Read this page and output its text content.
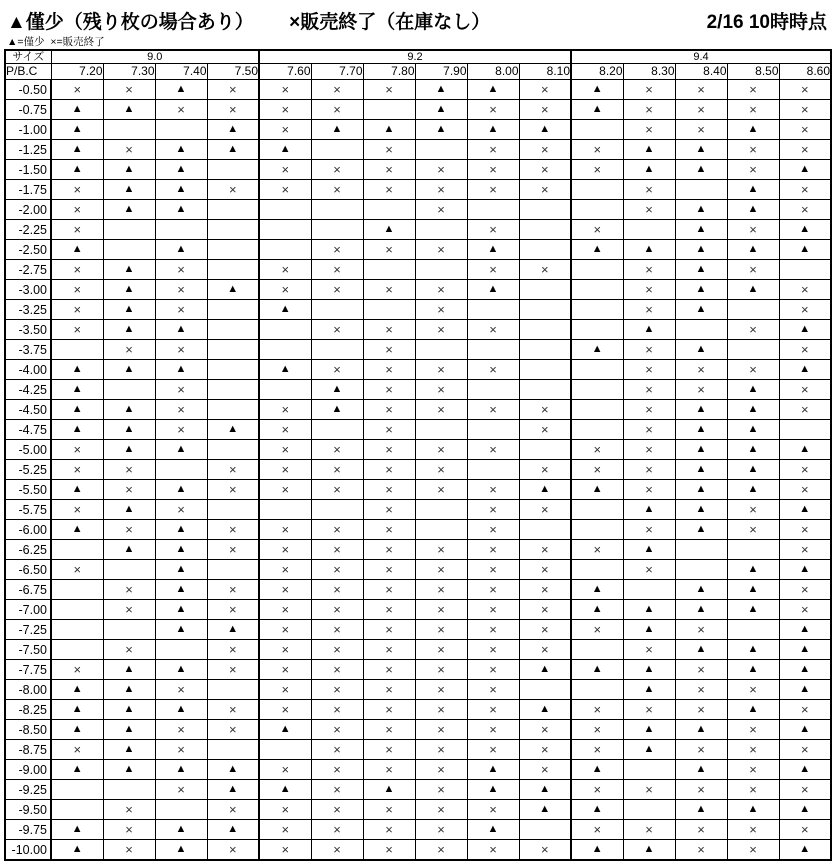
▲僅少（残り枚の場合あり） ×販売終了（在庫なし）	2/16 10時時点
▲=僅少  ×=販売終了
サイズ	9.0				9.2						9.4				
P/B.C	7.20	7.30	7.40	7.50	7.60	7.70	7.80	7.90	8.00	8.10	8.20	8.30	8.40	8.50	8.60
-0.50	×	×	▲	×	×	×	×	▲	▲	×	▲	×	×	×	×
-0.75	▲	▲	×	×	×	×		▲	×	×	▲	×	×	×	×
-1.00	▲			▲	×	▲	▲	▲	▲	▲		×	×	▲	×
-1.25	▲	×	▲	▲	▲		×		×	×	×	▲	▲	×	×
-1.50	▲	▲	▲		×	×	×	×	×	×	×	▲	▲	×	▲
-1.75	×	▲	▲	×	×	×	×	×	×	×		×		▲	×
-2.00	×	▲	▲					×				×	▲	▲	×
-2.25	×						▲		×		×		▲	×	▲
-2.50	▲		▲			×	×	×	▲		▲	▲	▲	▲	▲
-2.75	×	▲	×		×	×			×	×		×	▲	×	
-3.00	×	▲	×	▲	×	×	×	×	▲			×	▲	▲	×
-3.25	×	▲	×		▲			×				×	▲		×
-3.50	×	▲	▲			×	×	×	×			▲		×	▲
-3.75		×	×				×				▲	×	▲		×
-4.00	▲	▲	▲		▲	×	×	×	×			×	×	×	▲
-4.25	▲		×			▲	×	×				×	×	▲	×
-4.50	▲	▲	×		×	▲	×	×	×	×		×	▲	▲	×
-4.75	▲	▲	×	▲	×		×			×		×	▲	▲	
-5.00	×	▲	▲		×	×	×	×	×		×	×	▲	▲	▲
-5.25	×	×		×	×	×	×	×		×	×	×	▲	▲	×
-5.50	▲	×	▲	×	×	×	×	×	×	▲	▲	×	▲	▲	×
-5.75	×	▲	×				×		×	×		▲	▲	×	▲
-6.00	▲	×	▲	×	×	×	×		×			×	▲	×	×
-6.25		▲	▲	×	×	×	×	×	×	×	×	▲			×
-6.50	×		▲		×	×	×	×	×	×		×		▲	▲
-6.75		×	▲	×	×	×	×	×	×	×	▲		▲	▲	×
-7.00		×	▲	×	×	×	×	×	×	×	▲	▲	▲	▲	×
-7.25			▲	▲	×	×	×	×	×	×	×	▲	×		▲
-7.50		×		×	×	×	×	×	×	×		×	▲	▲	▲
-7.75	×	▲	▲	×	×	×	×	×	×	▲	▲	▲	×	▲	▲
-8.00	▲	▲	×		×	×	×	×	×			▲	×	×	▲
-8.25	▲	▲	▲	×	×	×	×	×	×	▲	×	×	×	▲	×
-8.50	▲	▲	×	×	▲	×	×	×	×	×	×	▲	▲	×	▲
-8.75	×	▲	×			×	×	×	×	×	×	▲	×	×	×
-9.00	▲	▲	▲	▲	×	×	×	×	▲	×	▲		▲	×	▲
-9.25			×	▲	▲	×	▲	×	▲	▲	×	×	×	×	×
-9.50		×		×	×	×	×	×	×	▲	▲		▲	▲	▲
-9.75	▲	×	▲	▲	×	×	×	×	▲		×	×	×	×	×
-10.00	▲	×	▲	×	×	×	×	×	×	×	▲	▲	×	×	▲
